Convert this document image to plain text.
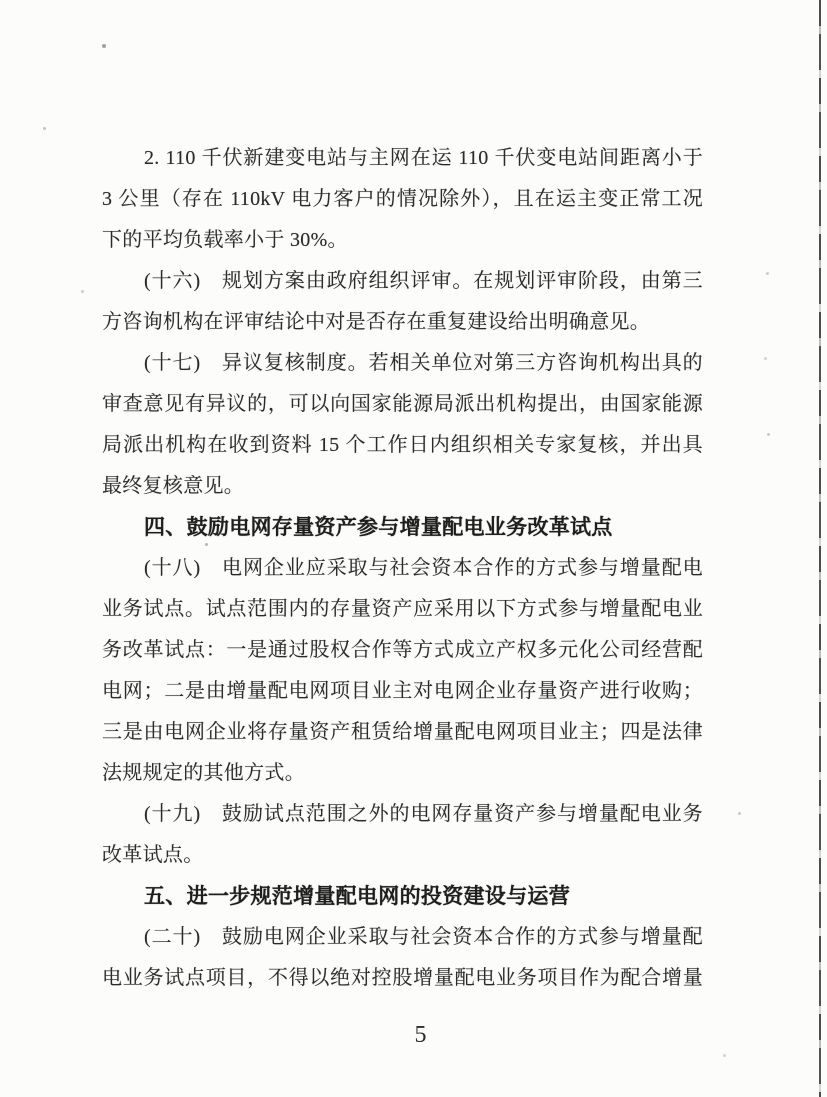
2. 110 千伏新建变电站与主网在运 110 千伏变电站间距离小于
3 公里（存在 110kV 电力客户的情况除外），且在运主变正常工况
下的平均负载率小于 30%。
(十六)　规划方案由政府组织评审。在规划评审阶段，由第三
方咨询机构在评审结论中对是否存在重复建设给出明确意见。
(十七)　异议复核制度。若相关单位对第三方咨询机构出具的
审查意见有异议的，可以向国家能源局派出机构提出，由国家能源
局派出机构在收到资料 15 个工作日内组织相关专家复核，并出具
最终复核意见。
四、鼓励电网存量资产参与增量配电业务改革试点
(十八)　电网企业应采取与社会资本合作的方式参与增量配电
业务试点。试点范围内的存量资产应采用以下方式参与增量配电业
务改革试点：一是通过股权合作等方式成立产权多元化公司经营配
电网；二是由增量配电网项目业主对电网企业存量资产进行收购；
三是由电网企业将存量资产租赁给增量配电网项目业主；四是法律
法规规定的其他方式。
(十九)　鼓励试点范围之外的电网存量资产参与增量配电业务
改革试点。
五、进一步规范增量配电网的投资建设与运营
(二十)　鼓励电网企业采取与社会资本合作的方式参与增量配
电业务试点项目，不得以绝对控股增量配电业务项目作为配合增量
5
